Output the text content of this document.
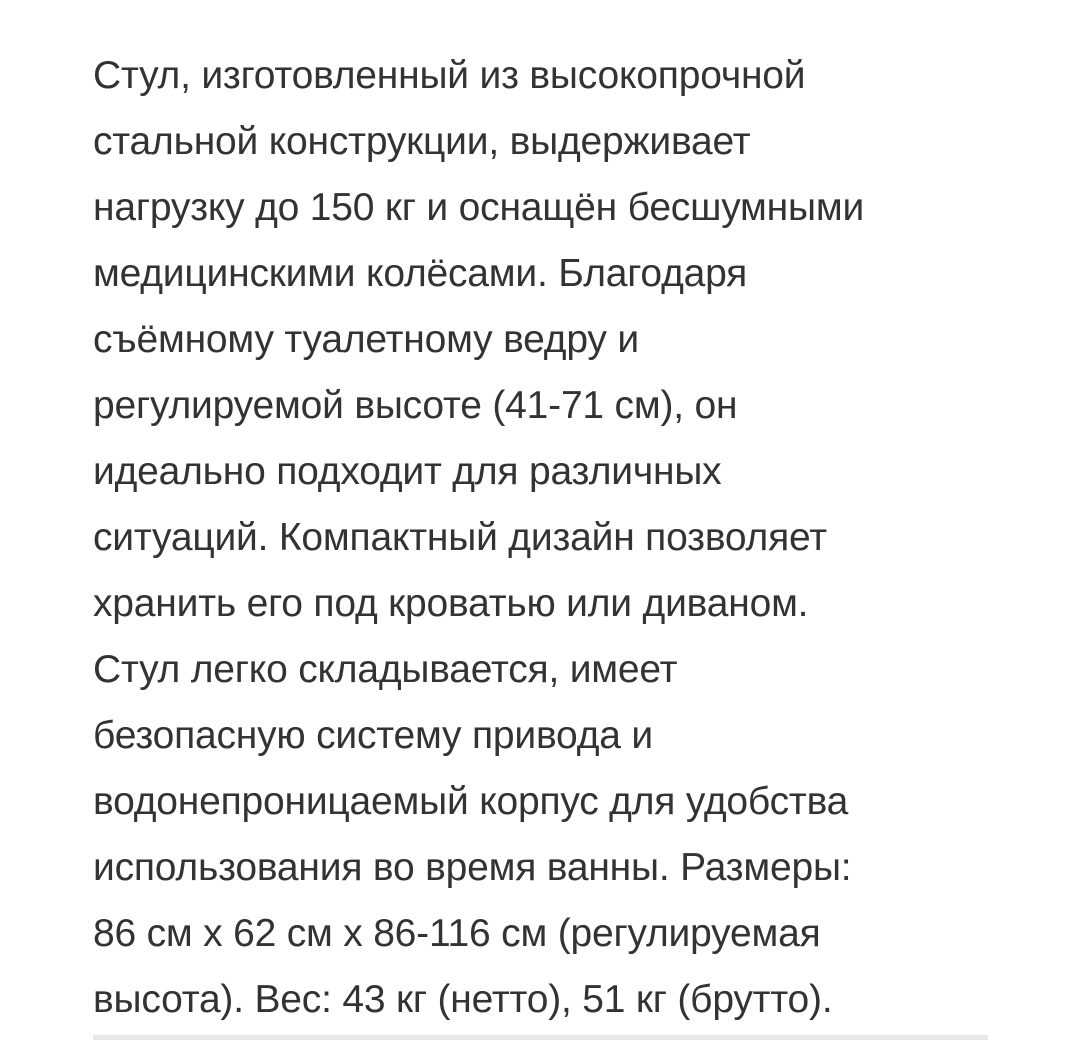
Стул, изготовленный из высокопрочной
стальной конструкции, выдерживает
нагрузку до 150 кг и оснащён бесшумными
медицинскими колёсами. Благодаря
съёмному туалетному ведру и
регулируемой высоте (41-71 см), он
идеально подходит для различных
ситуаций. Компактный дизайн позволяет
хранить его под кроватью или диваном.
Стул легко складывается, имеет
безопасную систему привода и
водонепроницаемый корпус для удобства
использования во время ванны. Размеры:
86 см x 62 см x 86-116 см (регулируемая
высота). Вес: 43 кг (нетто), 51 кг (брутто).
